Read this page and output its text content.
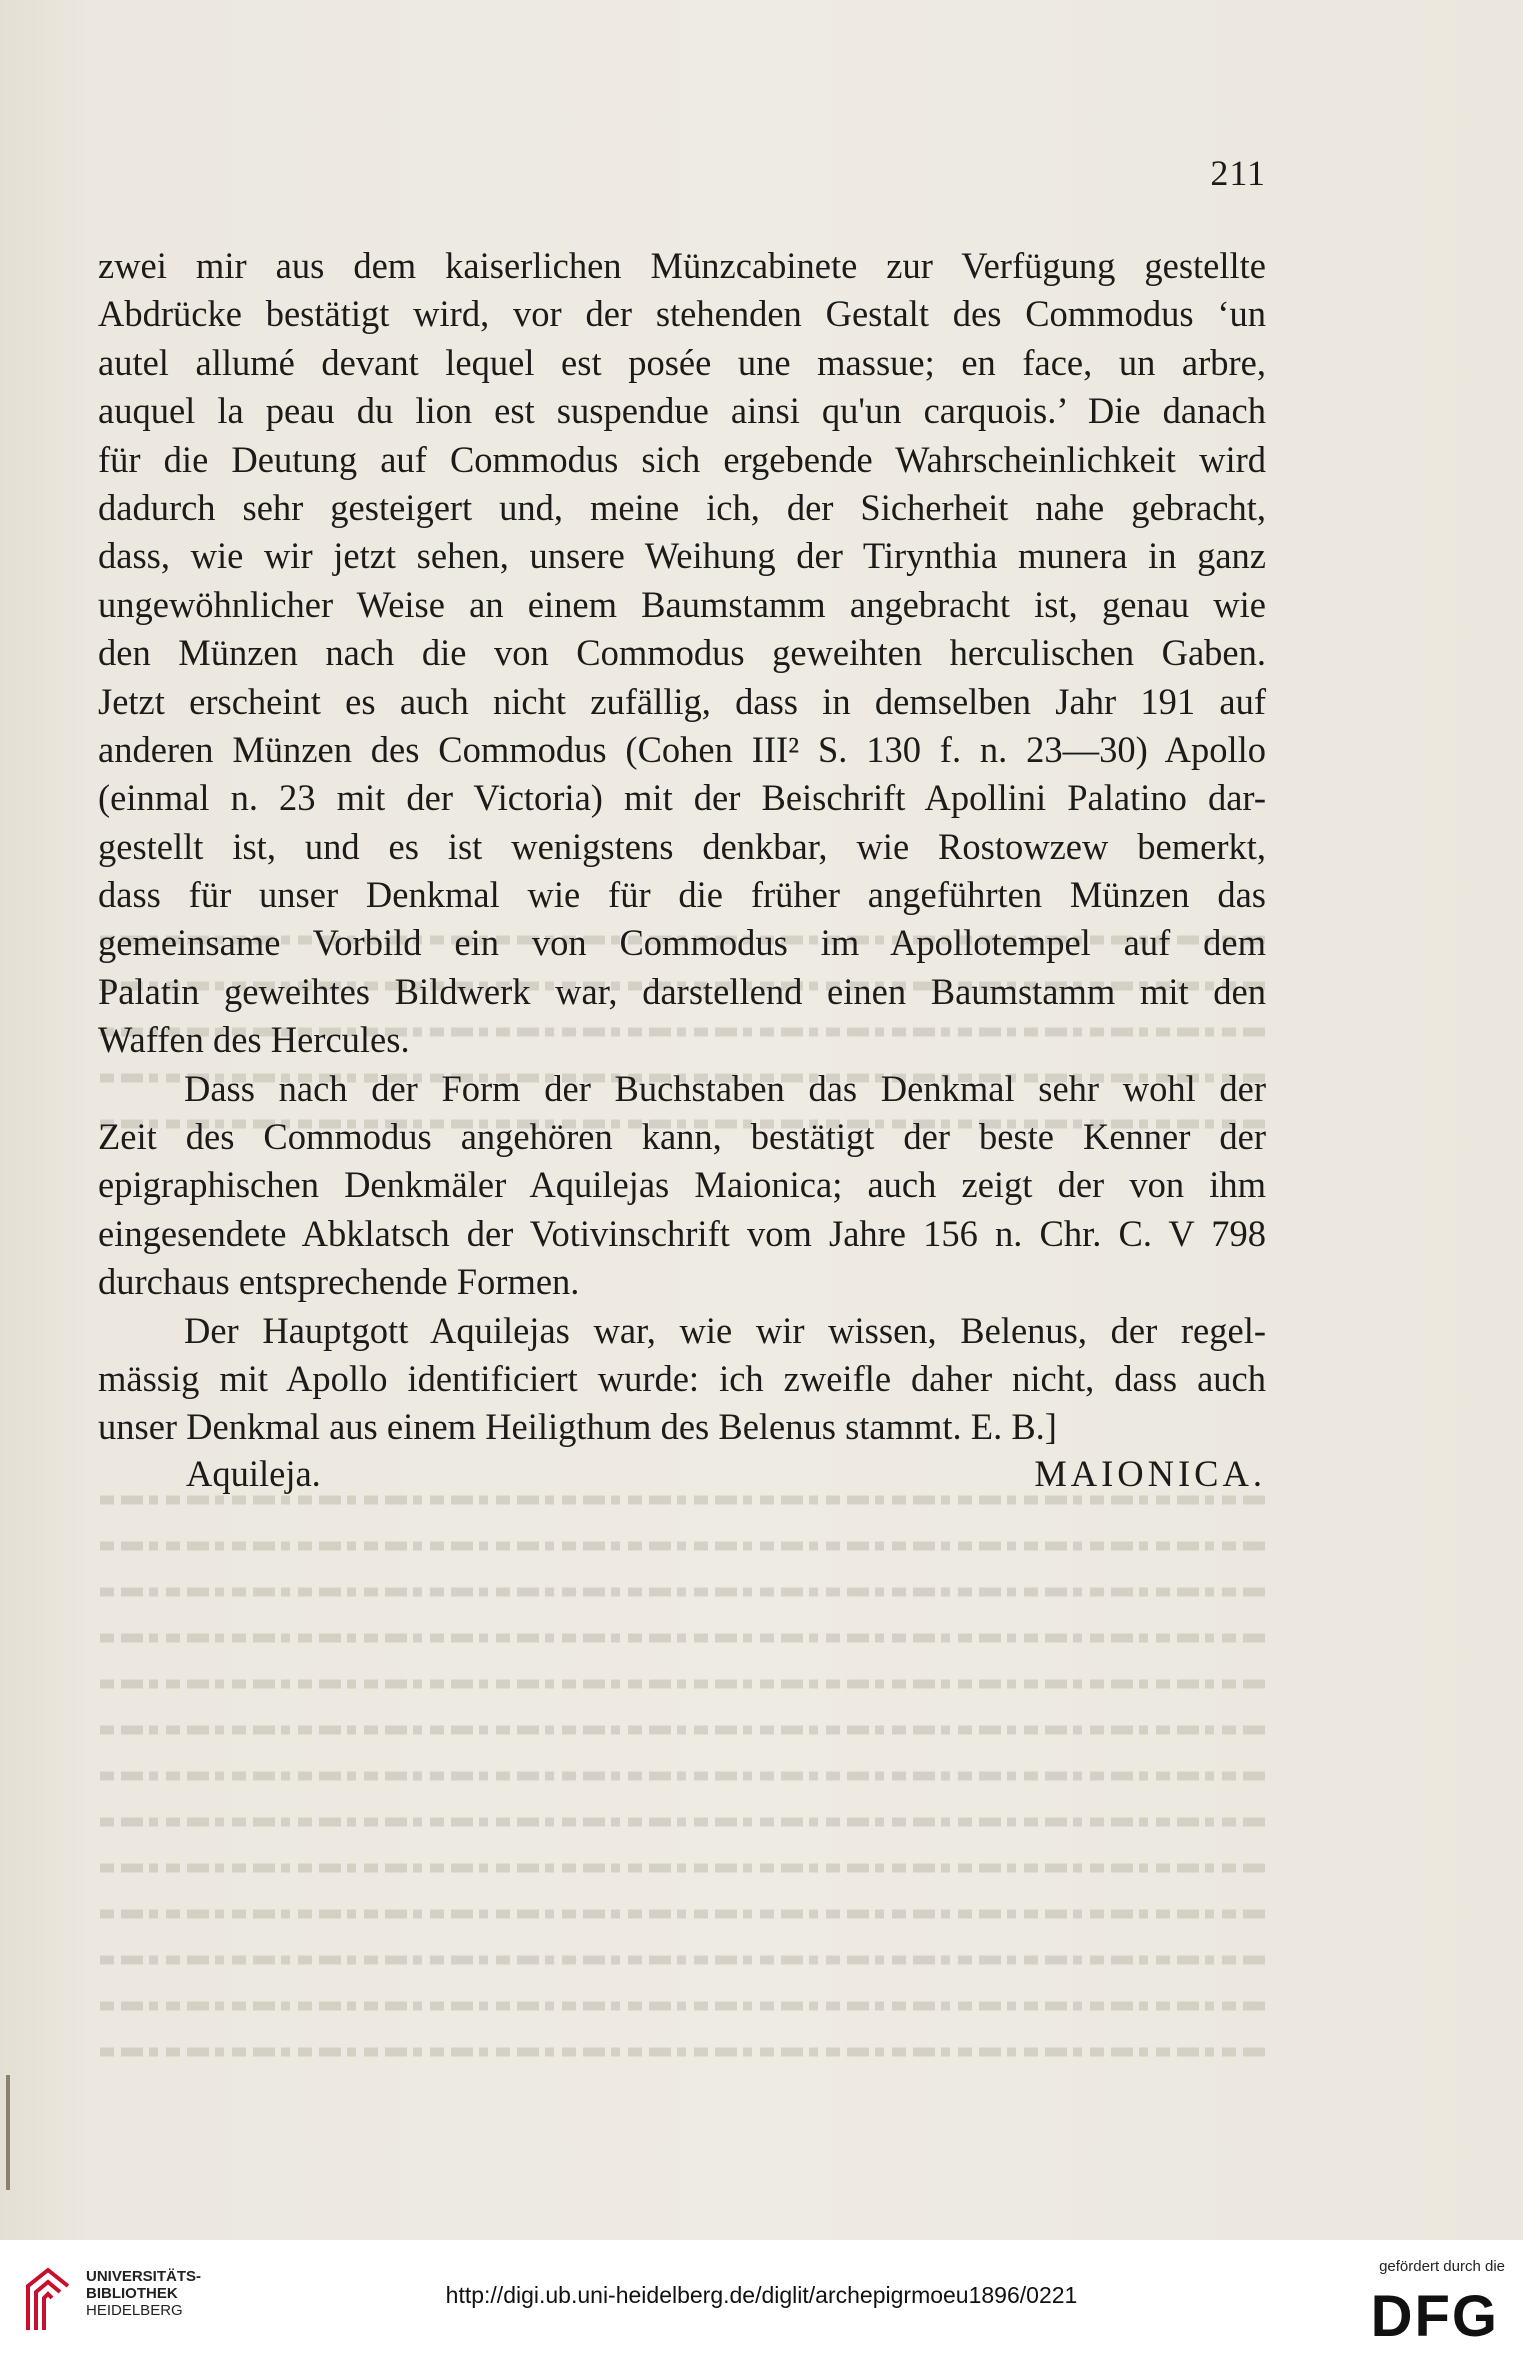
211
zwei mir aus dem kaiserlichen Münzcabinete zur Verfügung gestellte
Abdrücke bestätigt wird, vor der stehenden Gestalt des Commodus ‘un
autel allumé devant lequel est posée une massue; en face, un arbre,
auquel la peau du lion est suspendue ainsi qu'un carquois.’ Die danach
für die Deutung auf Commodus sich ergebende Wahrscheinlichkeit wird
dadurch sehr gesteigert und, meine ich, der Sicherheit nahe gebracht,
dass, wie wir jetzt sehen, unsere Weihung der Tirynthia munera in ganz
ungewöhnlicher Weise an einem Baumstamm angebracht ist, genau wie
den Münzen nach die von Commodus geweihten herculischen Gaben.
Jetzt erscheint es auch nicht zufällig, dass in demselben Jahr 191 auf
anderen Münzen des Commodus (Cohen III² S. 130 f. n. 23—30) Apollo
(einmal n. 23 mit der Victoria) mit der Beischrift Apollini Palatino dar-
gestellt ist, und es ist wenigstens denkbar, wie Rostowzew bemerkt,
dass für unser Denkmal wie für die früher angeführten Münzen das
gemeinsame Vorbild ein von Commodus im Apollotempel auf dem
Palatin geweihtes Bildwerk war, darstellend einen Baumstamm mit den
Waffen des Hercules.
Dass nach der Form der Buchstaben das Denkmal sehr wohl der
Zeit des Commodus angehören kann, bestätigt der beste Kenner der
epigraphischen Denkmäler Aquilejas Maionica; auch zeigt der von ihm
eingesendete Abklatsch der Votivinschrift vom Jahre 156 n. Chr. C. V 798
durchaus entsprechende Formen.
Der Hauptgott Aquilejas war, wie wir wissen, Belenus, der regel-
mässig mit Apollo identificiert wurde: ich zweifle daher nicht, dass auch
unser Denkmal aus einem Heiligthum des Belenus stammt. E. B.]
Aquileja.	MAIONICA.
UNIVERSITÄTS-
BIBLIOTHEK
HEIDELBERG
http://digi.ub.uni-heidelberg.de/diglit/archepigrmoeu1896/0221
gefördert durch die
DFG
